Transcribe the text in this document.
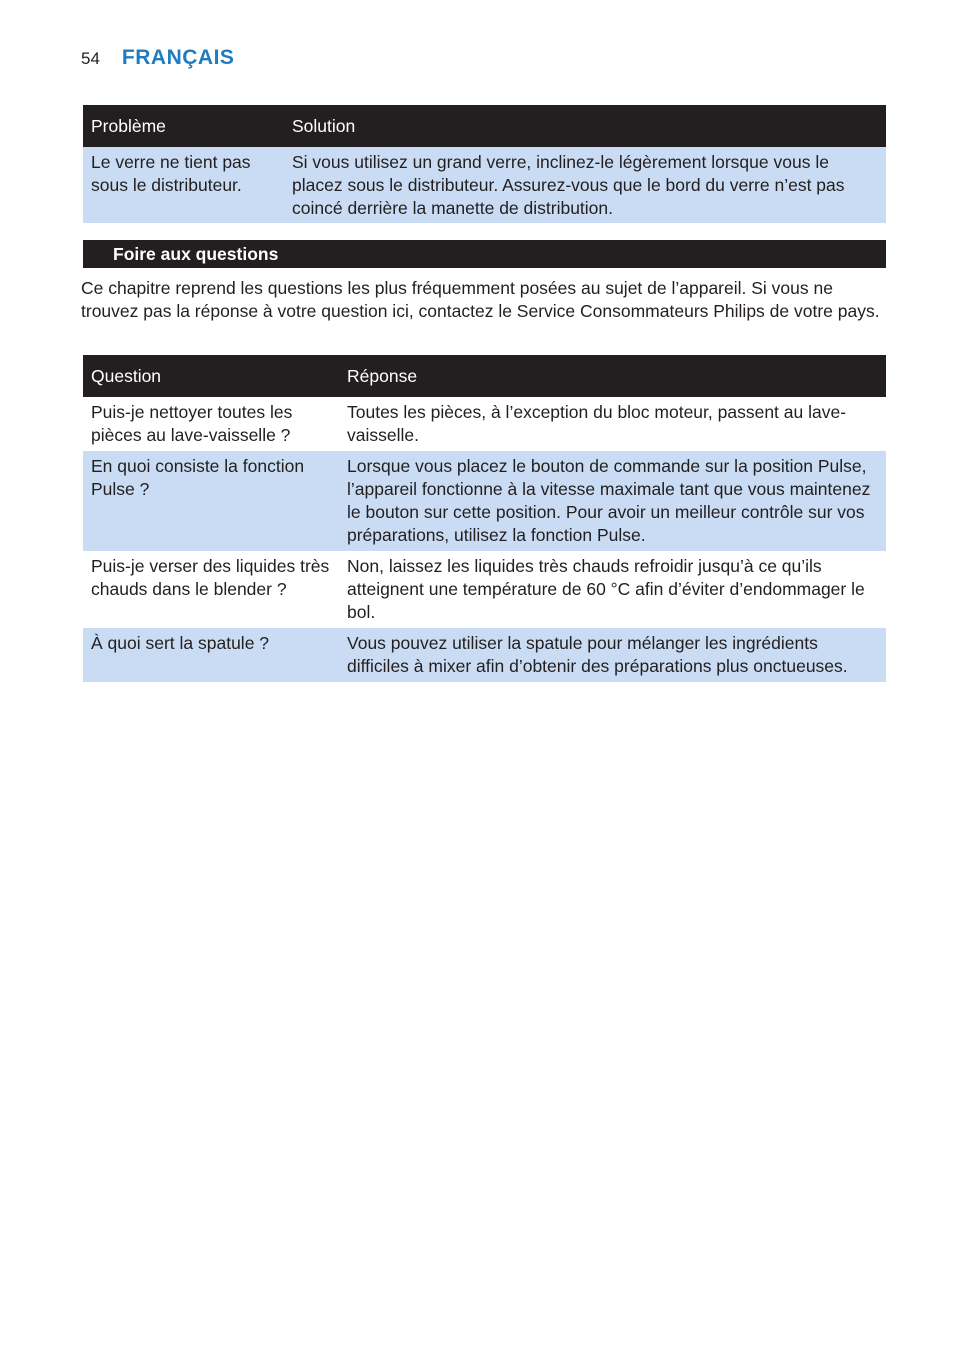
54 FRANÇAIS
Problème	Solution
Le verre ne tient pas sous le distributeur.	Si vous utilisez un grand verre, inclinez-le légèrement lorsque vous le placez sous le distributeur. Assurez-vous que le bord du verre n’est pas coincé derrière la manette de distribution.
Foire aux questions

Ce chapitre reprend les questions les plus fréquemment posées au sujet de l’appareil. Si vous ne trouvez pas la réponse à votre question ici, contactez le Service Consommateurs Philips de votre pays.

Question	Réponse
Puis-je nettoyer toutes les pièces au lave-vaisselle ?	Toutes les pièces, à l’exception du bloc moteur, passent au lave-vaisselle.
En quoi consiste la fonction Pulse ?	Lorsque vous placez le bouton de commande sur la position Pulse, l’appareil fonctionne à la vitesse maximale tant que vous maintenez le bouton sur cette position. Pour avoir un meilleur contrôle sur vos préparations, utilisez la fonction Pulse.
Puis-je verser des liquides très chauds dans le blender ?	Non, laissez les liquides très chauds refroidir jusqu’à ce qu’ils atteignent une température de 60 °C afin d’éviter d’endommager le bol.
À quoi sert la spatule ?	Vous pouvez utiliser la spatule pour mélanger les ingrédients difficiles à mixer afin d’obtenir des préparations plus onctueuses.
